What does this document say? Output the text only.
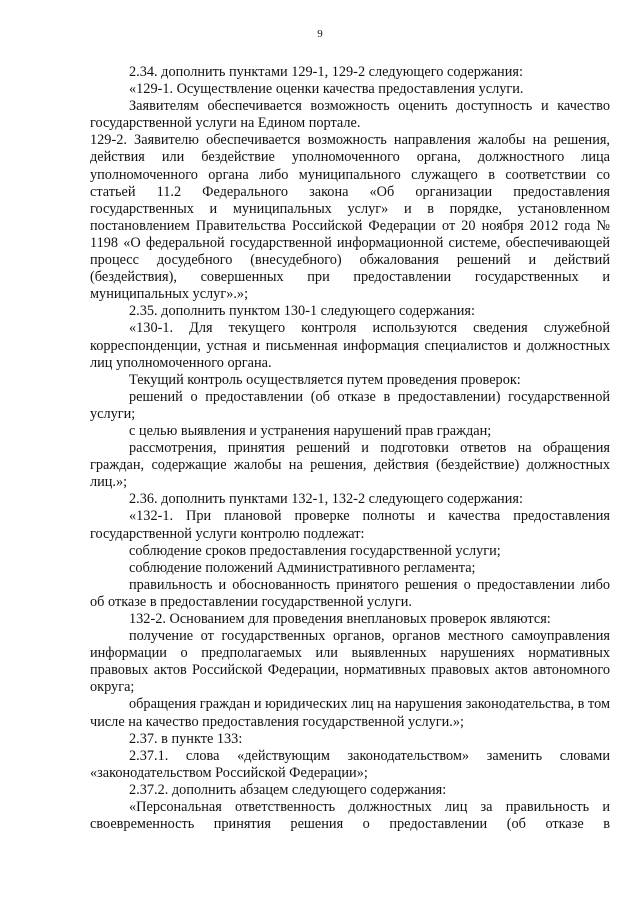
9

2.34. дополнить пунктами 129-1, 129-2 следующего содержания:

«129-1. Осуществление оценки качества предоставления услуги.

Заявителям обеспечивается возможность оценить доступность и качество государственной услуги на Едином портале.

129-2. Заявителю обеспечивается возможность направления жалобы на решения, действия или бездействие уполномоченного органа, должностного лица уполномоченного органа либо муниципального служащего в соответствии со статьей 11.2 Федерального закона «Об организации предоставления государственных и муниципальных услуг» и в порядке, установленном постановлением Правительства Российской Федерации от 20 ноября 2012 года № 1198 «О федеральной государственной информационной системе, обеспечивающей процесс досудебного (внесудебного) обжалования решений и действий (бездействия), совершенных при предоставлении государственных и муниципальных услуг».»;

2.35. дополнить пунктом 130-1 следующего содержания:

«130-1. Для текущего контроля используются сведения служебной корреспонденции, устная и письменная информация специалистов и должностных лиц уполномоченного органа.

Текущий контроль осуществляется путем проведения проверок:

решений о предоставлении (об отказе в предоставлении) государственной услуги;

с целью выявления и устранения нарушений прав граждан;

рассмотрения, принятия решений и подготовки ответов на обращения граждан, содержащие жалобы на решения, действия (бездействие) должностных лиц.»;

2.36. дополнить пунктами 132-1, 132-2 следующего содержания:

«132-1. При плановой проверке полноты и качества предоставления государственной услуги контролю подлежат:

соблюдение сроков предоставления государственной услуги;

соблюдение положений Административного регламента;

правильность и обоснованность принятого решения о предоставлении либо об отказе в предоставлении государственной услуги.

132-2. Основанием для проведения внеплановых проверок являются:

получение от государственных органов, органов местного самоуправления информации о предполагаемых или выявленных нарушениях нормативных правовых актов Российской Федерации, нормативных правовых актов автономного округа;

обращения граждан и юридических лиц на нарушения законодательства, в том числе на качество предоставления государственной услуги.»;

2.37. в пункте 133:

2.37.1. слова «действующим законодательством» заменить словами «законодательством Российской Федерации»;

2.37.2. дополнить абзацем следующего содержания:

«Персональная ответственность должностных лиц за правильность и своевременность принятия решения о предоставлении (об отказе в
